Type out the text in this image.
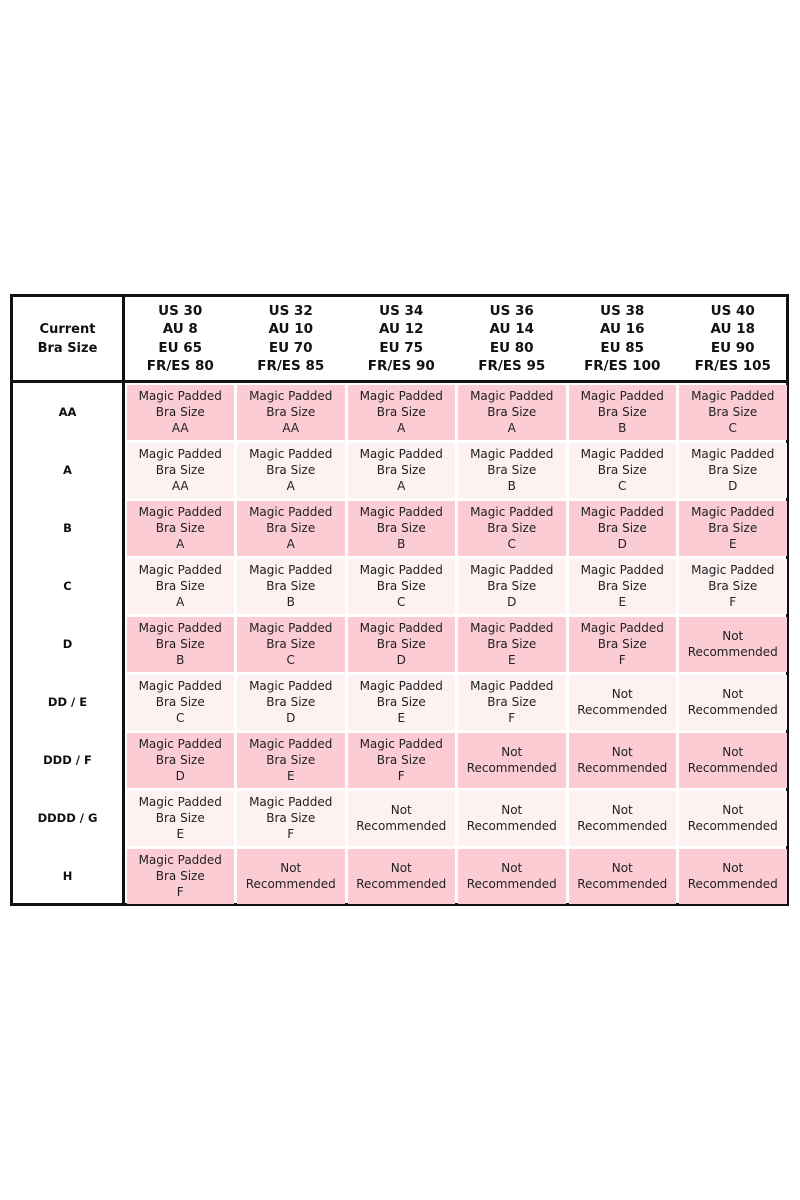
Current
Bra Size
US 30
AU 8
EU 65
FR/ES 80
US 32
AU 10
EU 70
FR/ES 85
US 34
AU 12
EU 75
FR/ES 90
US 36
AU 14
EU 80
FR/ES 95
US 38
AU 16
EU 85
FR/ES 100
US 40
AU 18
EU 90
FR/ES 105
AA
Magic Padded
Bra Size
AA
Magic Padded
Bra Size
AA
Magic Padded
Bra Size
A
Magic Padded
Bra Size
A
Magic Padded
Bra Size
B
Magic Padded
Bra Size
C
A
Magic Padded
Bra Size
AA
Magic Padded
Bra Size
A
Magic Padded
Bra Size
A
Magic Padded
Bra Size
B
Magic Padded
Bra Size
C
Magic Padded
Bra Size
D
B
Magic Padded
Bra Size
A
Magic Padded
Bra Size
A
Magic Padded
Bra Size
B
Magic Padded
Bra Size
C
Magic Padded
Bra Size
D
Magic Padded
Bra Size
E
C
Magic Padded
Bra Size
A
Magic Padded
Bra Size
B
Magic Padded
Bra Size
C
Magic Padded
Bra Size
D
Magic Padded
Bra Size
E
Magic Padded
Bra Size
F
D
Magic Padded
Bra Size
B
Magic Padded
Bra Size
C
Magic Padded
Bra Size
D
Magic Padded
Bra Size
E
Magic Padded
Bra Size
F
Not
Recommended
DD / E
Magic Padded
Bra Size
C
Magic Padded
Bra Size
D
Magic Padded
Bra Size
E
Magic Padded
Bra Size
F
Not
Recommended
Not
Recommended
DDD / F
Magic Padded
Bra Size
D
Magic Padded
Bra Size
E
Magic Padded
Bra Size
F
Not
Recommended
Not
Recommended
Not
Recommended
DDDD / G
Magic Padded
Bra Size
E
Magic Padded
Bra Size
F
Not
Recommended
Not
Recommended
Not
Recommended
Not
Recommended
H
Magic Padded
Bra Size
F
Not
Recommended
Not
Recommended
Not
Recommended
Not
Recommended
Not
Recommended
